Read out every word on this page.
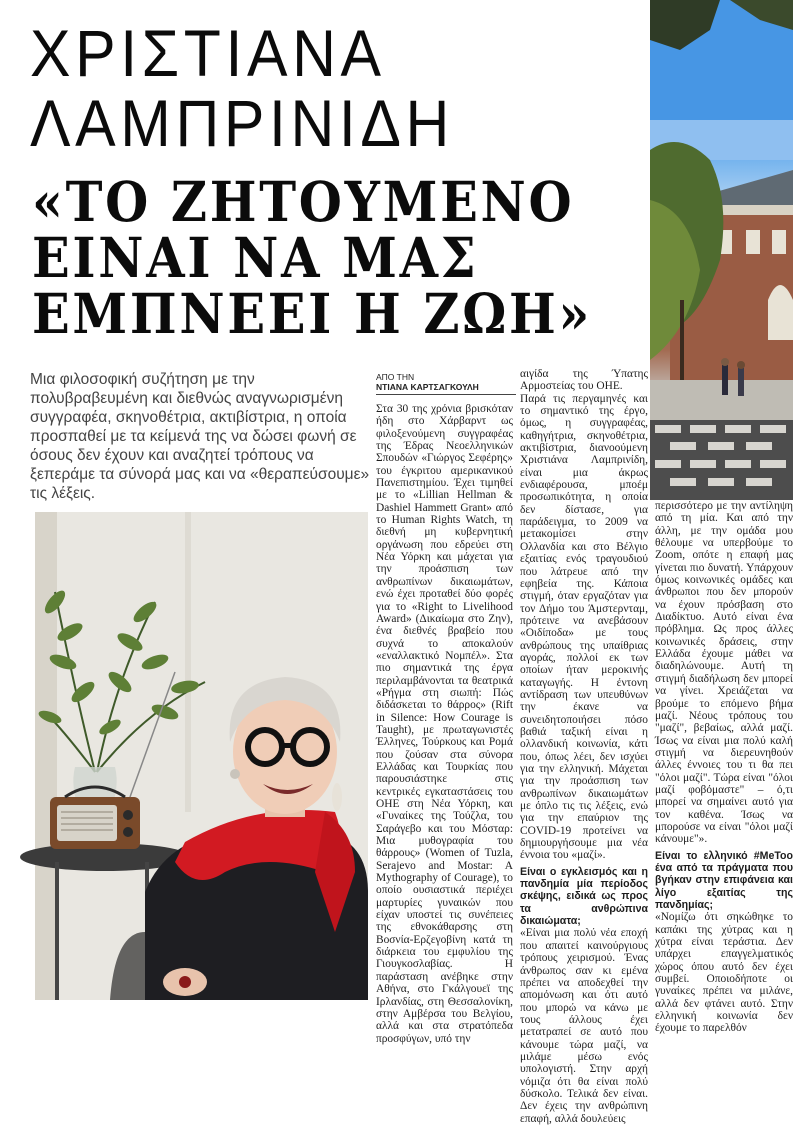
ΧΡΙΣΤΙΑΝΑ
ΛΑΜΠΡΙΝΙΔΗ
«ΤΟ ΖΗΤΟΥΜΕΝΟ
ΕΙΝΑΙ ΝΑ ΜΑΣ
ΕΜΠΝΕΕΙ Η ΖΩΗ»

Μια φιλοσοφική συζήτηση με την πολυβραβευμένη και διεθνώς αναγνωρισμένη συγγραφέα, σκηνοθέτρια, ακτιβίστρια, η οποία προσπαθεί με τα κείμενά της να δώσει φωνή σε όσους δεν έχουν και αναζητεί τρόπους να ξεπεράμε τα σύνορά μας και να «θεραπεύσουμε» τις λέξεις.

ΑΠΟ ΤΗΝ
ΝΤΙΑΝΑ ΚΑΡΤΣΑΓΚΟΥΛΗ

Στα 30 της χρόνια βρισκόταν ήδη στο Χάρβαρντ ως φιλοξενούμενη συγγραφέας της Έδρας Νεοελληνικών Σπουδών «Γιώργος Σεφέρης» του έγκριτου αμερικανικού Πανεπιστημίου. Έχει τιμηθεί με το «Lillian Hellman & Dashiel Hammett Grant» από το Human Rights Watch, τη διεθνή μη κυβερνητική οργάνωση που εδρεύει στη Νέα Υόρκη και μάχεται για την προάσπιση των ανθρωπίνων δικαιωμάτων, ενώ έχει προταθεί δύο φορές για το «Right to Livelihood Award» (Δικαίωμα στο Ζην), ένα διεθνές βραβείο που συχνά το αποκαλούν «εναλλακτικό Νομπέλ». Στα πιο σημαντικά της έργα περιλαμβάνονται τα θεατρικά «Ρήγμα στη σιωπή: Πώς διδάσκεται το θάρρος» (Rift in Silence: How Courage is Taught), με πρωταγωνιστές Έλληνες, Τούρκους και Ρομά που ζούσαν στα σύνορα Ελλάδας και Τουρκίας που παρουσιάστηκε στις κεντρικές εγκαταστάσεις του ΟΗΕ στη Νέα Υόρκη, και «Γυναίκες της Τούζλα, του Σαράγεβο και του Μόσταρ: Μια μυθογραφία του θάρρους» (Women of Tuzla, Serajevo and Mostar: A Mythography of Courage), το οποίο ουσιαστικά περιέχει μαρτυρίες γυναικών που είχαν υποστεί τις συνέπειες της εθνοκάθαρσης στη Βοσνία-Ερζεγοβίνη κατά τη διάρκεια του εμφυλίου της Γιουγκοσλαβίας. Η παράσταση ανέβηκε στην Αθήνα, στο Γκάλγουεϊ της Ιρλανδίας, στη Θεσσαλονίκη, στην Αμβέρσα του Βελγίου, αλλά και στα στρατόπεδα προσφύγων, υπό την

αιγίδα της Ύπατης Αρμοστείας του ΟΗΕ.

Παρά τις περγαμηνές και το σημαντικό της έργο, όμως, η συγγραφέας, καθηγήτρια, σκηνοθέτρια, ακτιβίστρια, διανοούμενη Χριστιάνα Λαμπρινίδη, είναι μια άκρως ενδιαφέρουσα, μποέμ προσωπικότητα, η οποία δεν δίστασε, για παράδειγμα, το 2009 να μετακομίσει στην Ολλανδία και στο Βέλγιο εξαιτίας ενός τραγουδιού που λάτρευε από την εφηβεία της. Κάποια στιγμή, όταν εργαζόταν για τον Δήμο του Άμστερνταμ, πρότεινε να ανεβάσουν «Οιδίποδα» με τους ανθρώπους της υπαίθριας αγοράς, πολλοί εκ των οποίων ήταν μεροκινής καταγωγής. Η έντονη αντίδραση των υπευθύνων την έκανε να συνειδητοποιήσει πόσο βαθιά ταξική είναι η ολλανδική κοινωνία, κάτι που, όπως λέει, δεν ισχύει για την ελληνική. Μάχεται για την προάσπιση των ανθρωπίνων δικαιωμάτων με όπλο τις τις λέξεις, ενώ για την επαύριον της COVID-19 προτείνει να δημιουργήσουμε μια νέα έννοια του «μαζί».

Είναι ο εγκλεισμός και η πανδημία μία περίοδος σκέψης, ειδικά ως προς τα ανθρώπινα δικαιώματα;

«Είναι μια πολύ νέα εποχή που απαιτεί καινούργιους τρόπους χειρισμού. Ένας άνθρωπος σαν κι εμένα πρέπει να αποδεχθεί την απομόνωση και ότι αυτό που μπορώ να κάνω με τους άλλους έχει μετατραπεί σε αυτό που κάνουμε τώρα μαζί, να μιλάμε μέσω ενός υπολογιστή. Στην αρχή νόμιζα ότι θα είναι πολύ δύσκολο. Τελικά δεν είναι. Δεν έχεις την ανθρώπινη επαφή, αλλά δουλεύεις

περισσότερο με την αντίληψη από τη μία. Και από την άλλη, με την ομάδα μου θέλουμε να υπερβούμε το Zoom, οπότε η επαφή μας γίνεται πιο δυνατή. Υπάρχουν όμως κοινωνικές ομάδες και άνθρωποι που δεν μπορούν να έχουν πρόσβαση στο Διαδίκτυο. Αυτό είναι ένα πρόβλημα. Ως προς άλλες κοινωνικές δράσεις, στην Ελλάδα έχουμε μάθει να διαδηλώνουμε. Αυτή τη στιγμή διαδήλωση δεν μπορεί να γίνει. Χρειάζεται να βρούμε το επόμενο βήμα μαζί. Νέους τρόπους του "μαζί", βεβαίως, αλλά μαζί. Ίσως να είναι μια πολύ καλή στιγμή να διερευνηθούν άλλες έννοιες του τι θα πει "όλοι μαζί". Τώρα είναι "όλοι μαζί φοβόμαστε" – ό,τι μπορεί να σημαίνει αυτό για τον καθένα. Ίσως να μπορούσε να είναι "όλοι μαζί κάνουμε"».

Είναι το ελληνικό #MeToo ένα από τα πράγματα που βγήκαν στην επιφάνεια και λίγο εξαιτίας της πανδημίας;

«Νομίζω ότι σηκώθηκε το καπάκι της χύτρας και η χύτρα είναι τεράστια. Δεν υπάρχει επαγγελματικός χώρος όπου αυτό δεν έχει συμβεί. Οποιοδήποτε οι γυναίκες πρέπει να μιλάνε, αλλά δεν φτάνει αυτό. Στην ελληνική κοινωνία δεν έχουμε το παρελθόν
